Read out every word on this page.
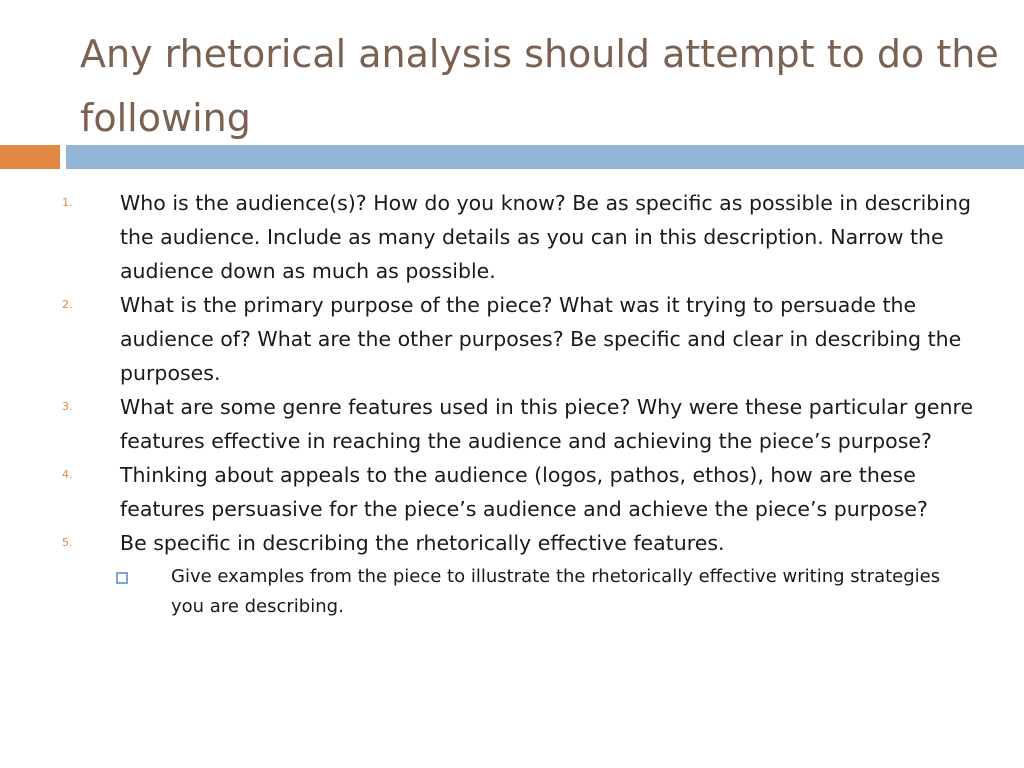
Any rhetorical analysis should attempt to do the following
1. Who is the audience(s)? How do you know? Be as specific as possible in describing the audience. Include as many details as you can in this description. Narrow the audience down as much as possible.
2. What is the primary purpose of the piece? What was it trying to persuade the audience of? What are the other purposes? Be specific and clear in describing the purposes.
3. What are some genre features used in this piece? Why were these particular genre features effective in reaching the audience and achieving the piece’s purpose?
4. Thinking about appeals to the audience (logos, pathos, ethos), how are these features persuasive for the piece’s audience and achieve the piece’s purpose?
5. Be specific in describing the rhetorically effective features.
Give examples from the piece to illustrate the rhetorically effective writing strategies you are describing.
